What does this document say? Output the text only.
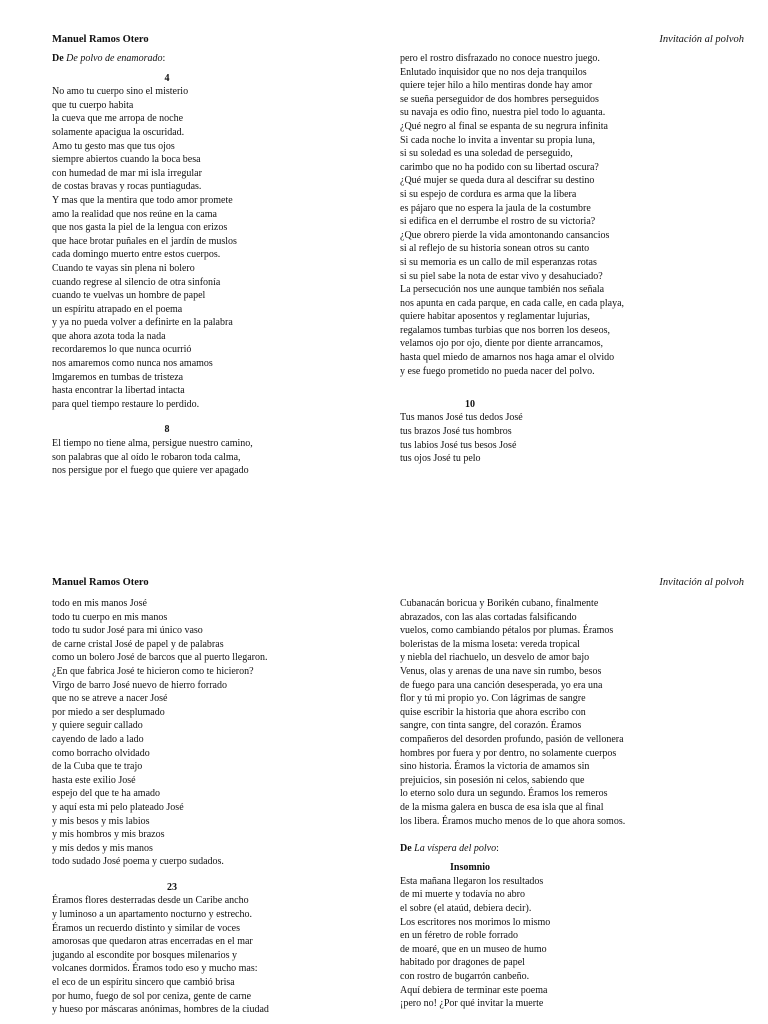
Manuel Ramos Otero	Invitación al polvoh
De De polvo de enamorado:
4
No amo tu cuerpo sino el misterio
que tu cuerpo habita
la cueva que me arropa de noche
solamente apacigua la oscuridad.
Amo tu gesto mas que tus ojos
siempre abiertos cuando la boca besa
con humedad de mar mi isla irregular
de costas bravas y rocas puntiagudas.
Y mas que la mentira que todo amor promete
amo la realidad que nos reúne en la cama
que nos gasta la piel de la lengua con erizos
que hace brotar puñales en el jardín de muslos
cada domingo muerto entre estos cuerpos.
Cuando te vayas sin plena ni bolero
cuando regrese al silencio de otra sinfonía
cuando te vuelvas un hombre de papel
un espíritu atrapado en el poema
y ya no pueda volver a definirte en la palabra
que ahora azota toda la nada
recordaremos lo que nunca ocurrió
nos amaremos como nunca nos amamos
lmgaremos en tumbas de tristeza
hasta encontrar la libertad intacta
para quel tiempo restaure lo perdido.
8
El tiempo no tiene alma, persigue nuestro camino,
son palabras que al oído le robaron toda calma,
nos persigue por el fuego que quiere ver apagado
pero el rostro disfrazado no conoce nuestro juego.
Enlutado inquisidor que no nos deja tranquilos
quiere tejer hilo a hilo mentiras donde hay amor
se sueña perseguidor de dos hombres perseguidos
su navaja es odio fino, nuestra piel todo lo aguanta.
¿Qué negro al final se espanta de su negrura infinita
Si cada noche lo invita a inventar su propia luna,
si su soledad es una soledad de perseguido,
carimbo que no ha podido con su libertad oscura?
¿Qué mujer se queda dura al descifrar su destino
si su espejo de cordura es arma que la libera
es pájaro que no espera la jaula de la costumbre
si edifica en el derrumbe el rostro de su victoria?
¿Que obrero pierde la vida amontonando cansancios
si al reflejo de su historia sonean otros su canto
si su memoria es un callo de mil esperanzas rotas
si su piel sabe la nota de estar vivo y desahuciado?
La persecución nos une aunque también nos señala
nos apunta en cada parque, en cada calle, en cada playa,
quiere habitar aposentos y reglamentar lujurias,
regalamos tumbas turbias que nos borren los deseos,
velamos ojo por ojo, diente por diente arrancamos,
hasta quel miedo de amarnos nos haga amar el olvido
y ese fuego prometido no pueda nacer del polvo.
10
Tus manos José tus dedos José
tus brazos José tus hombros
tus labios José tus besos José
tus ojos José tu pelo
Manuel Ramos Otero	Invitación al polvoh
todo en mis manos José
todo tu cuerpo en mis manos
todo tu sudor José para mi único vaso
de carne cristal José de papel y de palabras
como un bolero José de barcos que al puerto llegaron.
¿En que fabrica José te hicieron como te hicieron?
Virgo de barro José nuevo de hierro forrado
que no se atreve a nacer José
por miedo a ser desplumado
y quiere seguir callado
cayendo de lado a lado
como borracho olvidado
de la Cuba que te trajo
hasta este exilio José
espejo del que te ha amado
y aquí esta mi pelo plateado José
y mis besos y mis labios
y mis hombros y mis brazos
y mis dedos y mis manos
todo sudado José poema y cuerpo sudados.
23
Éramos flores desterradas desde un Caribe ancho
y luminoso a un apartamento nocturno y estrecho.
Éramos un recuerdo distinto y similar de voces
amorosas que quedaron atras encerradas en el mar
jugando al escondite por bosques milenarios y
volcanes dormidos. Éramos todo eso y mucho mas:
el eco de un espíritu sincero que cambió brisa
por humo, fuego de sol por ceniza, gente de carne
y hueso por máscaras anónimas, hombres de la ciudad
Cubanacán boricua y Borikén cubano, finalmente
abrazados, con las alas cortadas falsificando
vuelos, como cambiando pétalos por plumas. Éramos
boleristas de la misma loseta: vereda tropical
y niebla del riachuelo, un desvelo de amor bajo
Venus, olas y arenas de una nave sin rumbo, besos
de fuego para una canción desesperada, yo era una
flor y tú mi propio yo. Con lágrimas de sangre
quise escribir la historia que ahora escribo con
sangre, con tinta sangre, del corazón. Éramos
compañeros del desorden profundo, pasión de vellonera
hombres por fuera y por dentro, no solamente cuerpos
sino historia. Éramos la victoria de amamos sin
prejuicios, sin posesión ni celos, sabiendo que
lo eterno solo dura un segundo. Éramos los remeros
de la misma galera en busca de esa isla que al final
los libera. Éramos mucho menos de lo que ahora somos.
De La víspera del polvo:
Insomnio
Esta mañana llegaron los resultados
de mi muerte y todavía no abro
el sobre (el ataúd, debiera decir).
Los escritores nos morimos lo mismo
en un féretro de roble forrado
de moaré, que en un museo de humo
habitado por dragones de papel
con rostro de bugarrón canbeño.
Aquí debiera de terminar este poema
¡pero no! ¿Por qué invitar la muerte
